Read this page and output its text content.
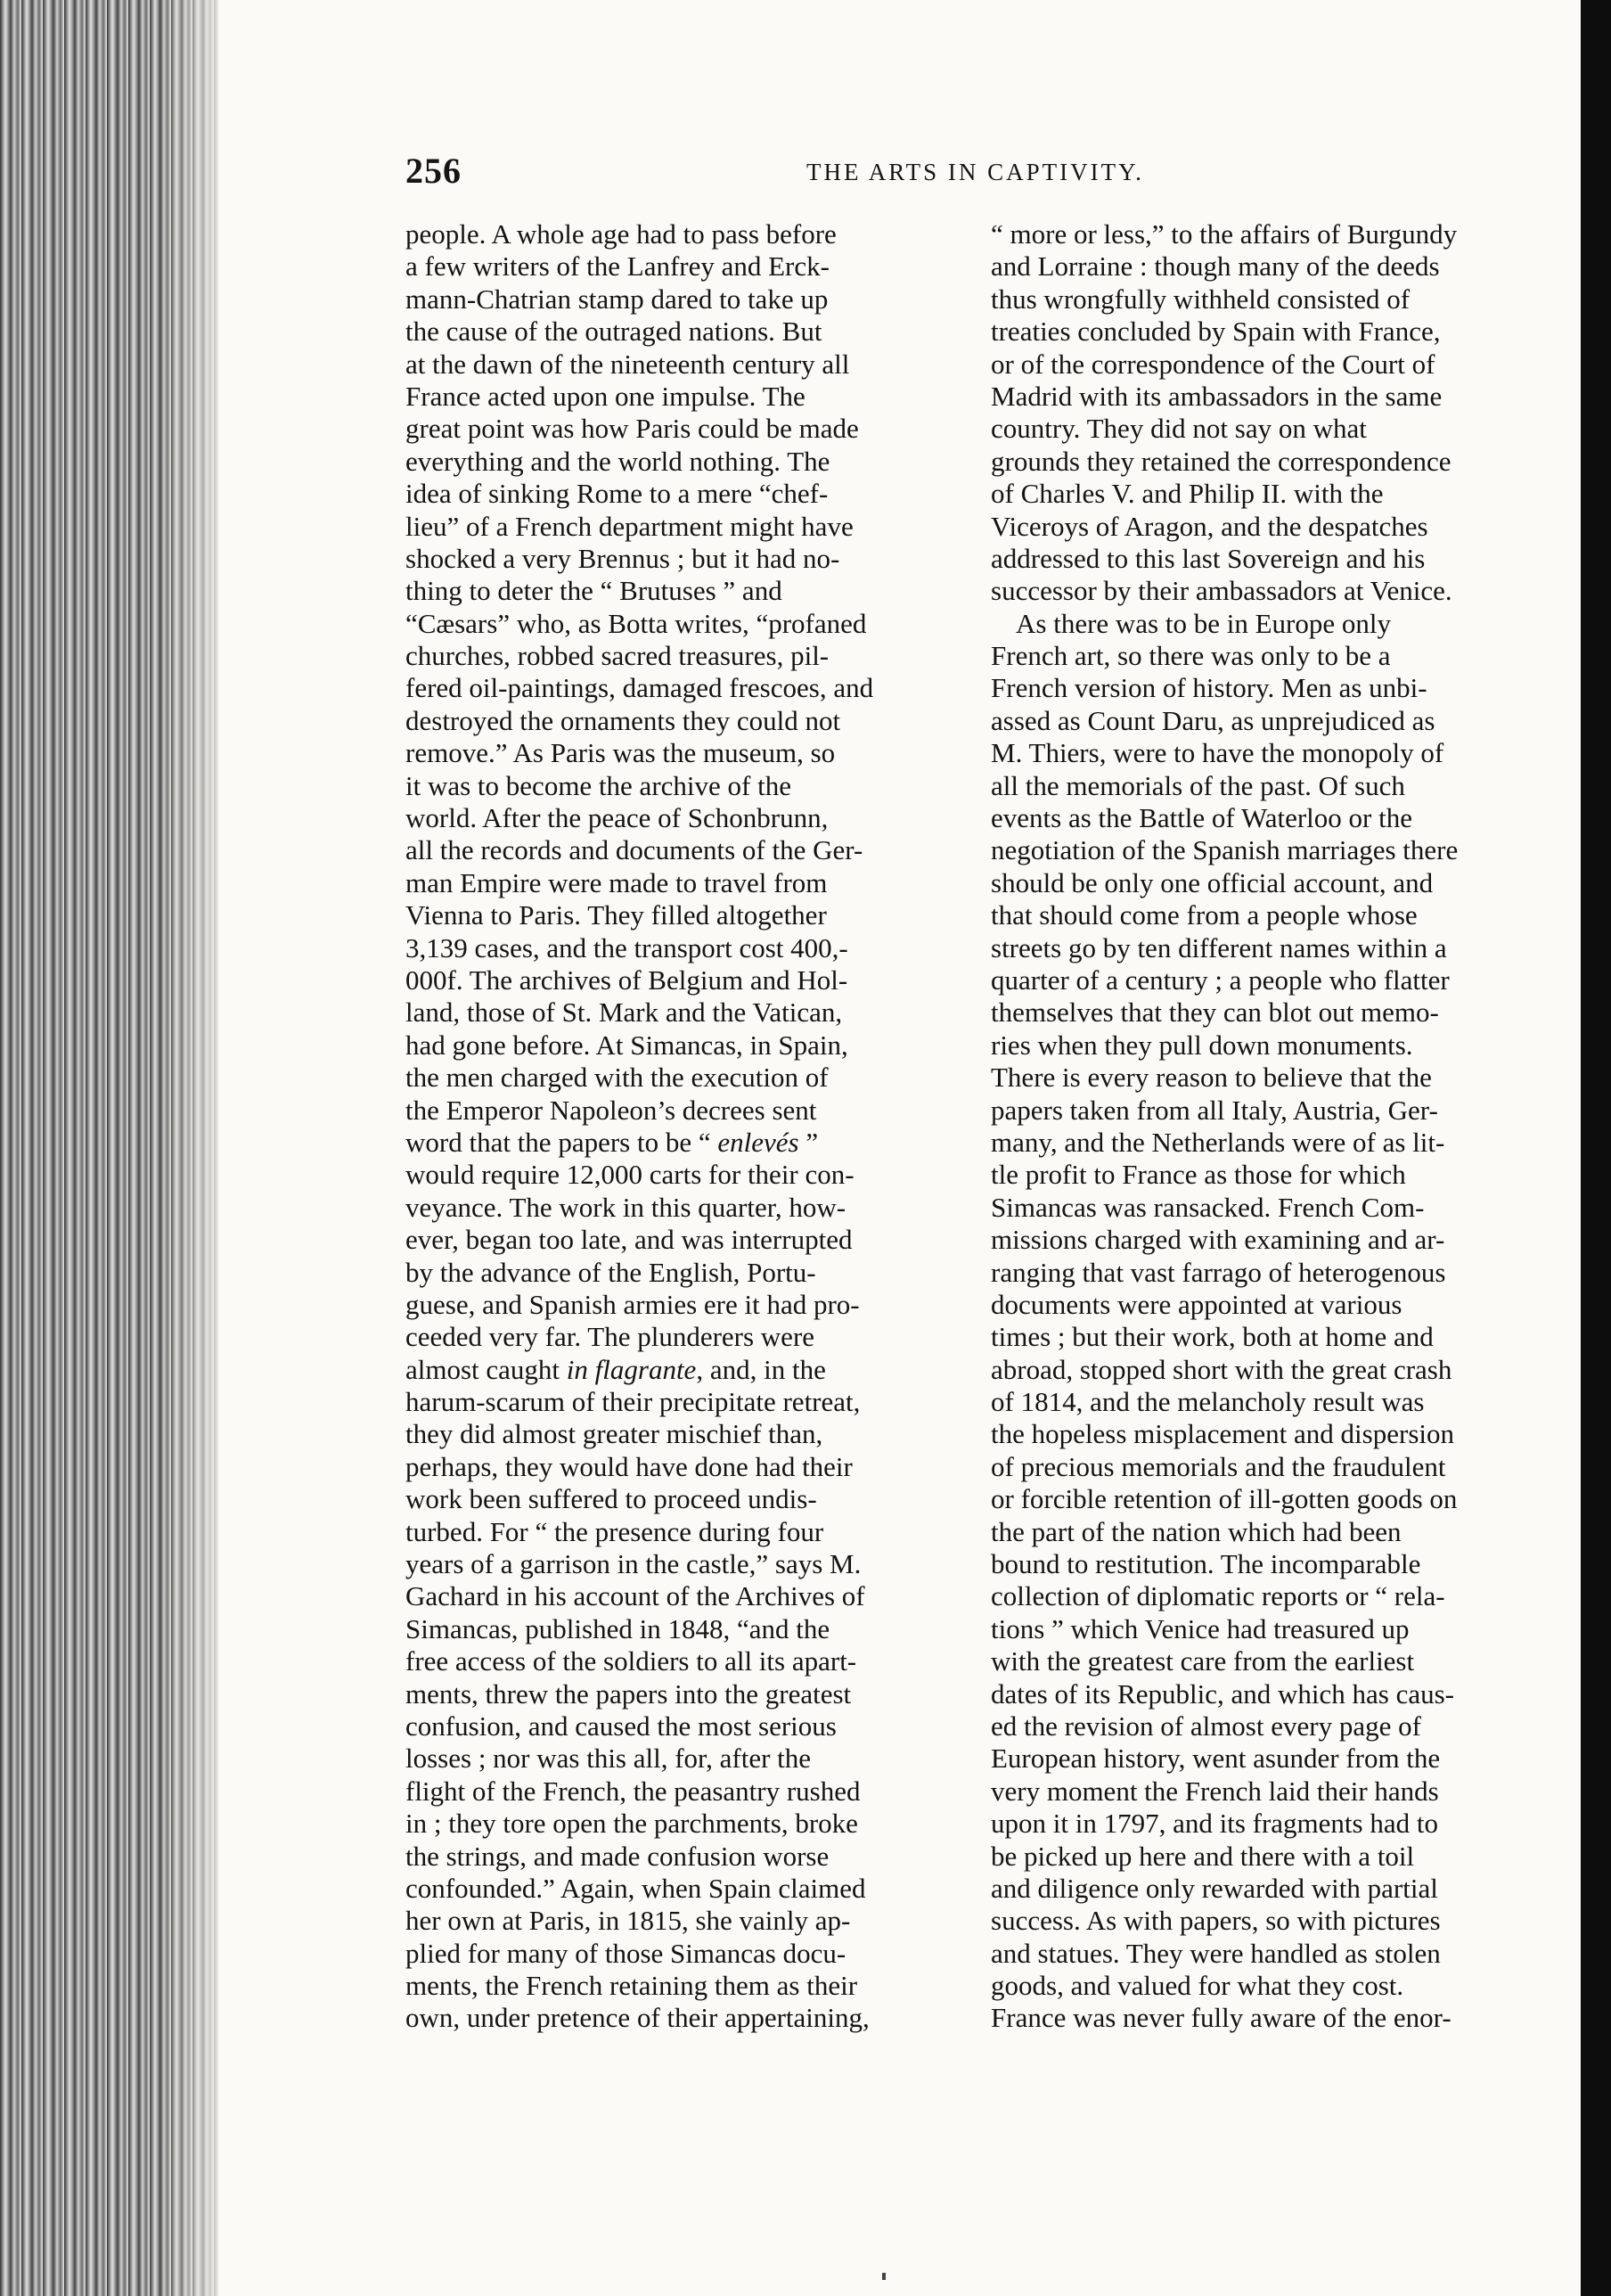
256	THE ARTS IN CAPTIVITY.
people. A whole age had to pass before
a few writers of the Lanfrey and Erck-
mann-Chatrian stamp dared to take up
the cause of the outraged nations. But
at the dawn of the nineteenth century all
France acted upon one impulse. The
great point was how Paris could be made
everything and the world nothing. The
idea of sinking Rome to a mere “chef-
lieu” of a French department might have
shocked a very Brennus ; but it had no-
thing to deter the “ Brutuses ” and
“Cæsars” who, as Botta writes, “profaned
churches, robbed sacred treasures, pil-
fered oil-paintings, damaged frescoes, and
destroyed the ornaments they could not
remove.” As Paris was the museum, so
it was to become the archive of the
world. After the peace of Schonbrunn,
all the records and documents of the Ger-
man Empire were made to travel from
Vienna to Paris. They filled altogether
3,139 cases, and the transport cost 400,-
000f. The archives of Belgium and Hol-
land, those of St. Mark and the Vatican,
had gone before. At Simancas, in Spain,
the men charged with the execution of
the Emperor Napoleon’s decrees sent
word that the papers to be “ enlevés ”
would require 12,000 carts for their con-
veyance. The work in this quarter, how-
ever, began too late, and was interrupted
by the advance of the English, Portu-
guese, and Spanish armies ere it had pro-
ceeded very far. The plunderers were
almost caught in flagrante, and, in the
harum-scarum of their precipitate retreat,
they did almost greater mischief than,
perhaps, they would have done had their
work been suffered to proceed undis-
turbed. For “ the presence during four
years of a garrison in the castle,” says M.
Gachard in his account of the Archives of
Simancas, published in 1848, “and the
free access of the soldiers to all its apart-
ments, threw the papers into the greatest
confusion, and caused the most serious
losses ; nor was this all, for, after the
flight of the French, the peasantry rushed
in ; they tore open the parchments, broke
the strings, and made confusion worse
confounded.” Again, when Spain claimed
her own at Paris, in 1815, she vainly ap-
plied for many of those Simancas docu-
ments, the French retaining them as their
own, under pretence of their appertaining,
“ more or less,” to the affairs of Burgundy
and Lorraine : though many of the deeds
thus wrongfully withheld consisted of
treaties concluded by Spain with France,
or of the correspondence of the Court of
Madrid with its ambassadors in the same
country. They did not say on what
grounds they retained the correspondence
of Charles V. and Philip II. with the
Viceroys of Aragon, and the despatches
addressed to this last Sovereign and his
successor by their ambassadors at Venice.
As there was to be in Europe only
French art, so there was only to be a
French version of history. Men as unbi-
assed as Count Daru, as unprejudiced as
M. Thiers, were to have the monopoly of
all the memorials of the past. Of such
events as the Battle of Waterloo or the
negotiation of the Spanish marriages there
should be only one official account, and
that should come from a people whose
streets go by ten different names within a
quarter of a century ; a people who flatter
themselves that they can blot out memo-
ries when they pull down monuments.
There is every reason to believe that the
papers taken from all Italy, Austria, Ger-
many, and the Netherlands were of as lit-
tle profit to France as those for which
Simancas was ransacked. French Com-
missions charged with examining and ar-
ranging that vast farrago of heterogenous
documents were appointed at various
times ; but their work, both at home and
abroad, stopped short with the great crash
of 1814, and the melancholy result was
the hopeless misplacement and dispersion
of precious memorials and the fraudulent
or forcible retention of ill-gotten goods on
the part of the nation which had been
bound to restitution. The incomparable
collection of diplomatic reports or “ rela-
tions ” which Venice had treasured up
with the greatest care from the earliest
dates of its Republic, and which has caus-
ed the revision of almost every page of
European history, went asunder from the
very moment the French laid their hands
upon it in 1797, and its fragments had to
be picked up here and there with a toil
and diligence only rewarded with partial
success. As with papers, so with pictures
and statues. They were handled as stolen
goods, and valued for what they cost.
France was never fully aware of the enor-
